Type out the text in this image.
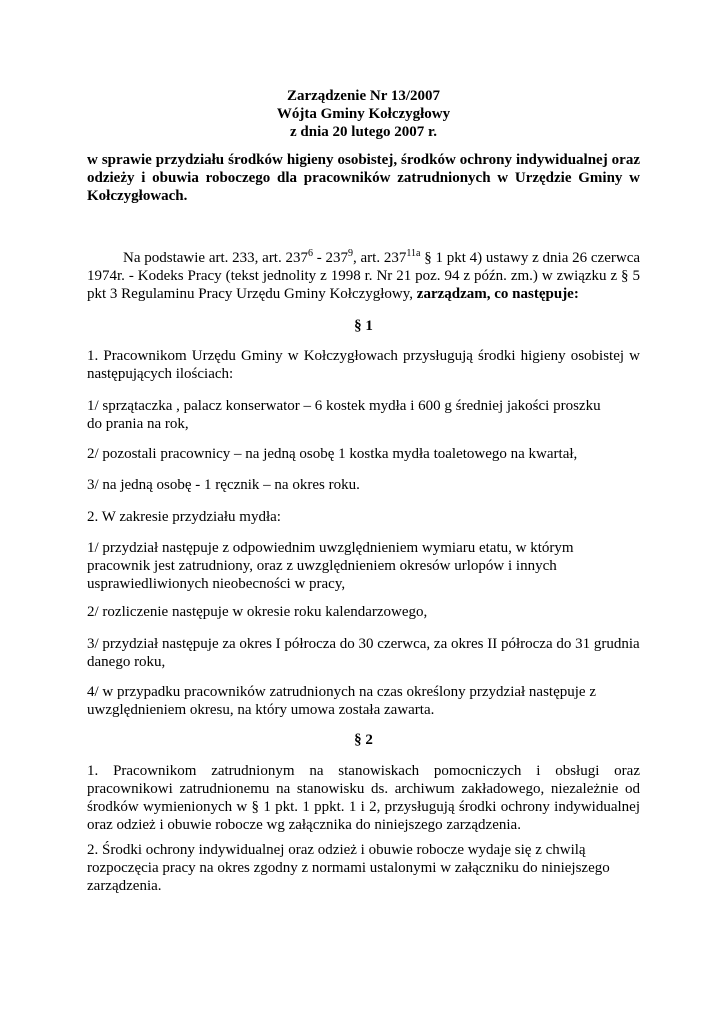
Zarządzenie Nr 13/2007
Wójta Gminy Kołczygłowy
z dnia 20 lutego 2007 r.

w sprawie przydziału środków higieny osobistej, środków ochrony indywidualnej oraz odzieży i obuwia roboczego dla pracowników zatrudnionych w Urzędzie Gminy w Kołczygłowach.

Na podstawie art. 233, art. $237^6 - 237^9$, art. $237^{11a}$ § 1 pkt 4) ustawy z dnia 26 czerwca 1974r. - Kodeks Pracy (tekst jednolity z 1998 r. Nr 21 poz. 94 z późn. zm.) w związku z § 5 pkt 3 Regulaminu Pracy Urzędu Gminy Kołczygłowy, zarządzam, co następuje:

§ 1

1. Pracownikom Urzędu Gminy w Kołczygłowach przysługują środki higieny osobistej w następujących ilościach:

1/ sprzątaczka , palacz konserwator – 6 kostek mydła i 600 g średniej jakości proszku do prania na rok,

2/ pozostali pracownicy – na jedną osobę 1 kostka mydła toaletowego na kwartał,

3/ na jedną osobę - 1 ręcznik – na okres roku.

2. W zakresie przydziału mydła:

1/ przydział następuje z odpowiednim uwzględnieniem wymiaru etatu, w którym pracownik jest zatrudniony, oraz z uwzględnieniem okresów urlopów i innych usprawiedliwionych nieobecności w pracy,

2/ rozliczenie następuje w okresie roku kalendarzowego,

3/ przydział następuje za okres I półrocza do 30 czerwca, za okres II półrocza do 31 grudnia danego roku,

4/ w przypadku pracowników zatrudnionych na czas określony przydział następuje z uwzględnieniem okresu, na który umowa została zawarta.

§ 2

1. Pracownikom zatrudnionym na stanowiskach pomocniczych i obsługi oraz pracownikowi zatrudnionemu na stanowisku ds. archiwum zakładowego, niezależnie od środków wymienionych w § 1 pkt. 1 ppkt. 1 i 2, przysługują środki ochrony indywidualnej oraz odzież i obuwie robocze wg załącznika do niniejszego zarządzenia.

2. Środki ochrony indywidualnej oraz odzież i obuwie robocze wydaje się z chwilą rozpoczęcia pracy na okres zgodny z normami ustalonymi w załączniku do niniejszego zarządzenia.
